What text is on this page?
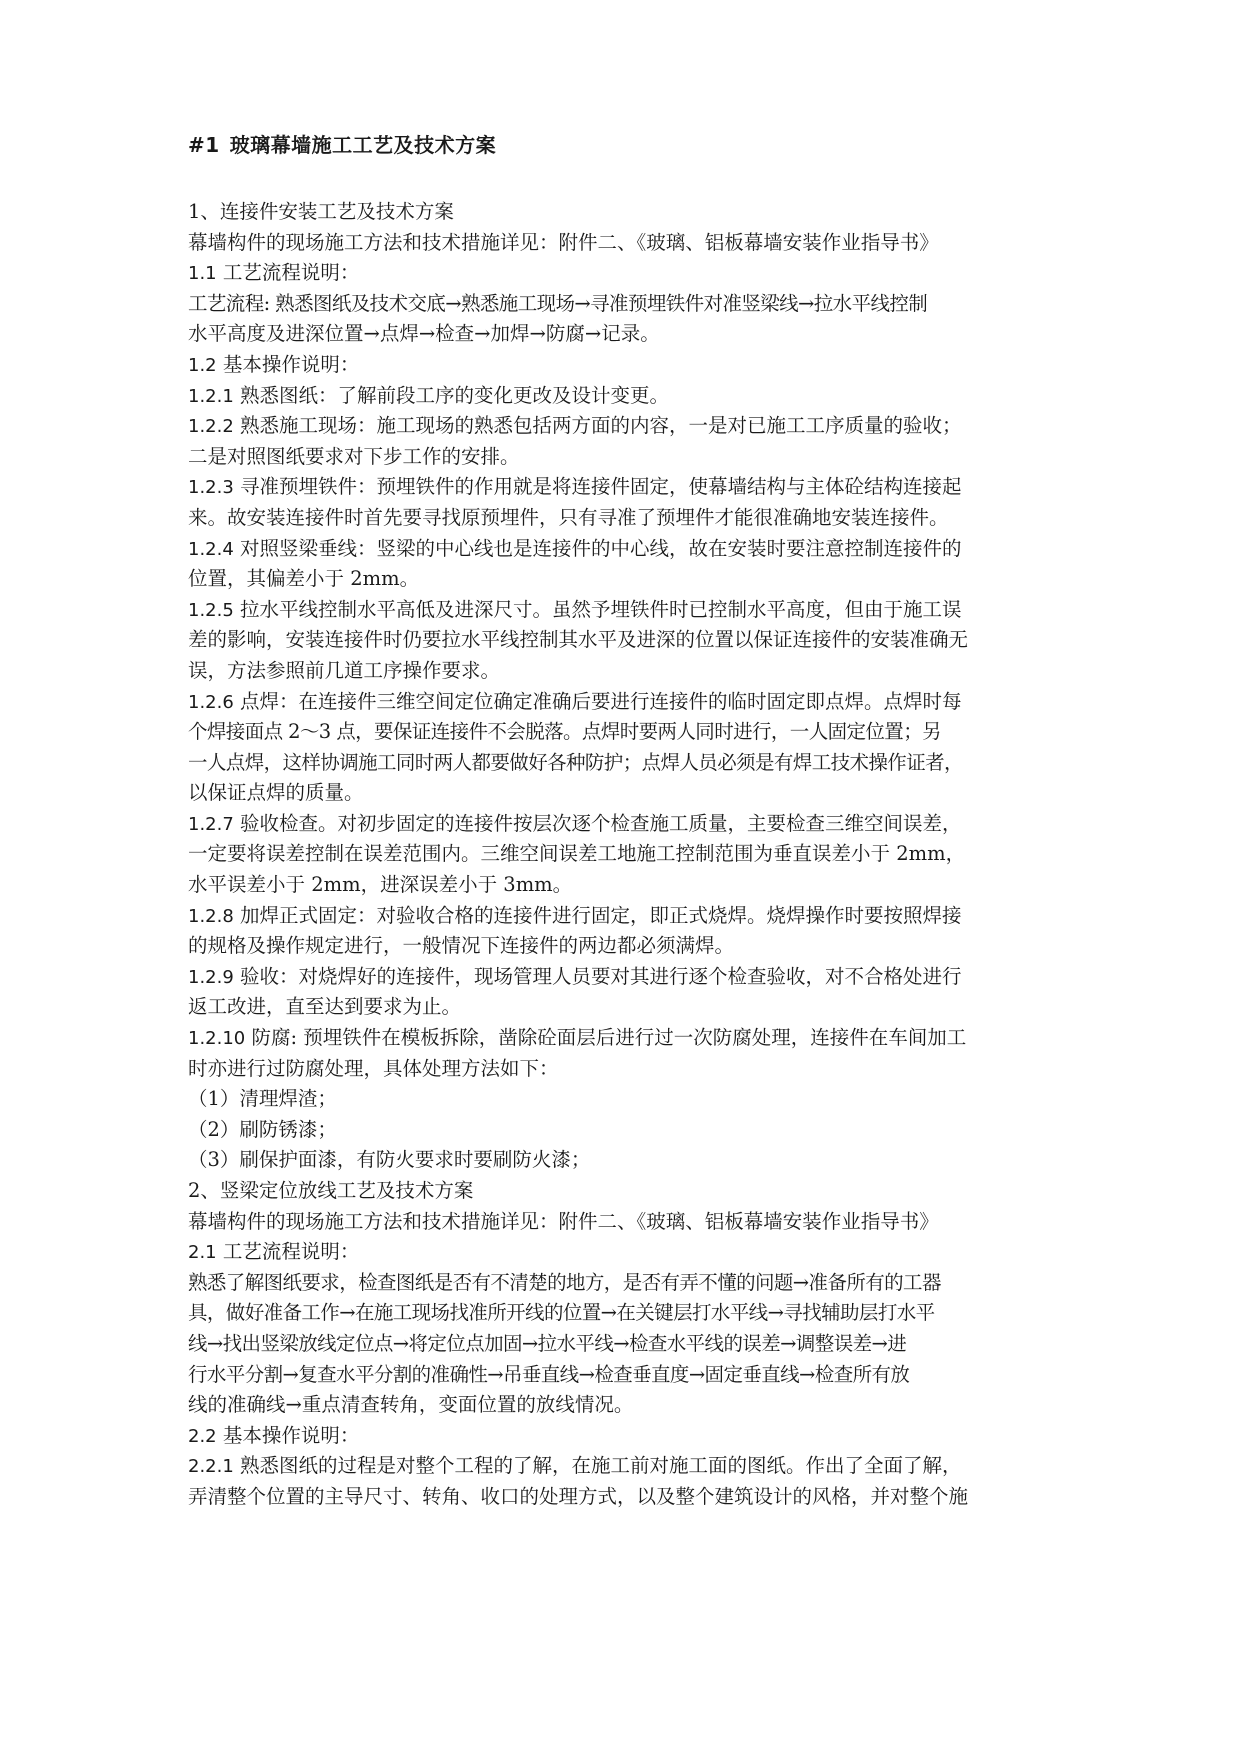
#1 玻璃幕墙施工工艺及技术方案
1、连接件安装工艺及技术方案
幕墙构件的现场施工方法和技术措施详见：附件二、《玻璃、铝板幕墙安装作业指导书》
1.1 工艺流程说明：
工艺流程: 熟悉图纸及技术交底→熟悉施工现场→寻准预埋铁件对准竖梁线→拉水平线控制
水平高度及进深位置→点焊→检查→加焊→防腐→记录。
1.2 基本操作说明：
1.2.1 熟悉图纸：了解前段工序的变化更改及设计变更。
1.2.2 熟悉施工现场：施工现场的熟悉包括两方面的内容，一是对已施工工序质量的验收；
二是对照图纸要求对下步工作的安排。
1.2.3 寻准预埋铁件：预埋铁件的作用就是将连接件固定，使幕墙结构与主体砼结构连接起
来。故安装连接件时首先要寻找原预埋件，只有寻准了预埋件才能很准确地安装连接件。
1.2.4 对照竖梁垂线：竖梁的中心线也是连接件的中心线，故在安装时要注意控制连接件的
位置，其偏差小于 2mm。
1.2.5 拉水平线控制水平高低及进深尺寸。虽然予埋铁件时已控制水平高度，但由于施工误
差的影响，安装连接件时仍要拉水平线控制其水平及进深的位置以保证连接件的安装准确无
误，方法参照前几道工序操作要求。
1.2.6 点焊：在连接件三维空间定位确定准确后要进行连接件的临时固定即点焊。点焊时每
个焊接面点 2～3 点，要保证连接件不会脱落。点焊时要两人同时进行，一人固定位置；另
一人点焊，这样协调施工同时两人都要做好各种防护；点焊人员必须是有焊工技术操作证者，
以保证点焊的质量。
1.2.7 验收检查。对初步固定的连接件按层次逐个检查施工质量，主要检查三维空间误差，
一定要将误差控制在误差范围内。三维空间误差工地施工控制范围为垂直误差小于 2mm，
水平误差小于 2mm，进深误差小于 3mm。
1.2.8 加焊正式固定：对验收合格的连接件进行固定，即正式烧焊。烧焊操作时要按照焊接
的规格及操作规定进行，一般情况下连接件的两边都必须满焊。
1.2.9 验收：对烧焊好的连接件，现场管理人员要对其进行逐个检查验收，对不合格处进行
返工改进，直至达到要求为止。
1.2.10 防腐: 预埋铁件在模板拆除，凿除砼面层后进行过一次防腐处理，连接件在车间加工
时亦进行过防腐处理，具体处理方法如下：
（1）清理焊渣；
（2）刷防锈漆；
（3）刷保护面漆，有防火要求时要刷防火漆；
2、竖梁定位放线工艺及技术方案
幕墙构件的现场施工方法和技术措施详见：附件二、《玻璃、铝板幕墙安装作业指导书》
2.1 工艺流程说明：
熟悉了解图纸要求，检查图纸是否有不清楚的地方，是否有弄不懂的问题→准备所有的工器
具，做好准备工作→在施工现场找准所开线的位置→在关键层打水平线→寻找辅助层打水平
线→找出竖梁放线定位点→将定位点加固→拉水平线→检查水平线的误差→调整误差→进
行水平分割→复查水平分割的准确性→吊垂直线→检查垂直度→固定垂直线→检查所有放
线的准确线→重点清查转角，变面位置的放线情况。
2.2 基本操作说明：
2.2.1 熟悉图纸的过程是对整个工程的了解，在施工前对施工面的图纸。作出了全面了解，
弄清整个位置的主导尺寸、转角、收口的处理方式，以及整个建筑设计的风格，并对整个施
